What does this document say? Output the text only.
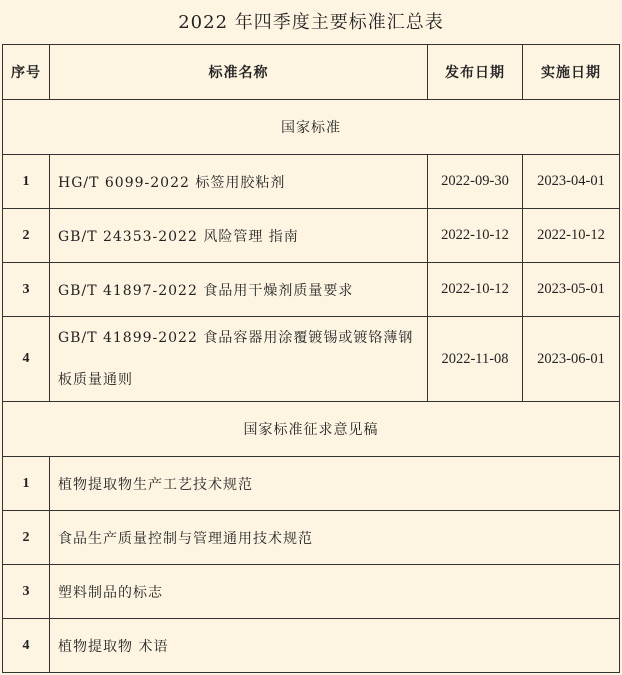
2022 年四季度主要标准汇总表
序号	标准名称	发布日期	实施日期
国家标准			
1	HG/T 6099-2022 标签用胶粘剂	2022-09-30	2023-04-01
2	GB/T 24353-2022 风险管理 指南	2022-10-12	2022-10-12
3	GB/T 41897-2022 食品用干燥剂质量要求	2022-10-12	2023-05-01
4	GB/T 41899-2022 食品容器用涂覆镀锡或镀铬薄钢板质量通则	2022-11-08	2023-06-01
国家标准征求意见稿			
1	植物提取物生产工艺技术规范		
2	食品生产质量控制与管理通用技术规范		
3	塑料制品的标志		
4	植物提取物 术语		
